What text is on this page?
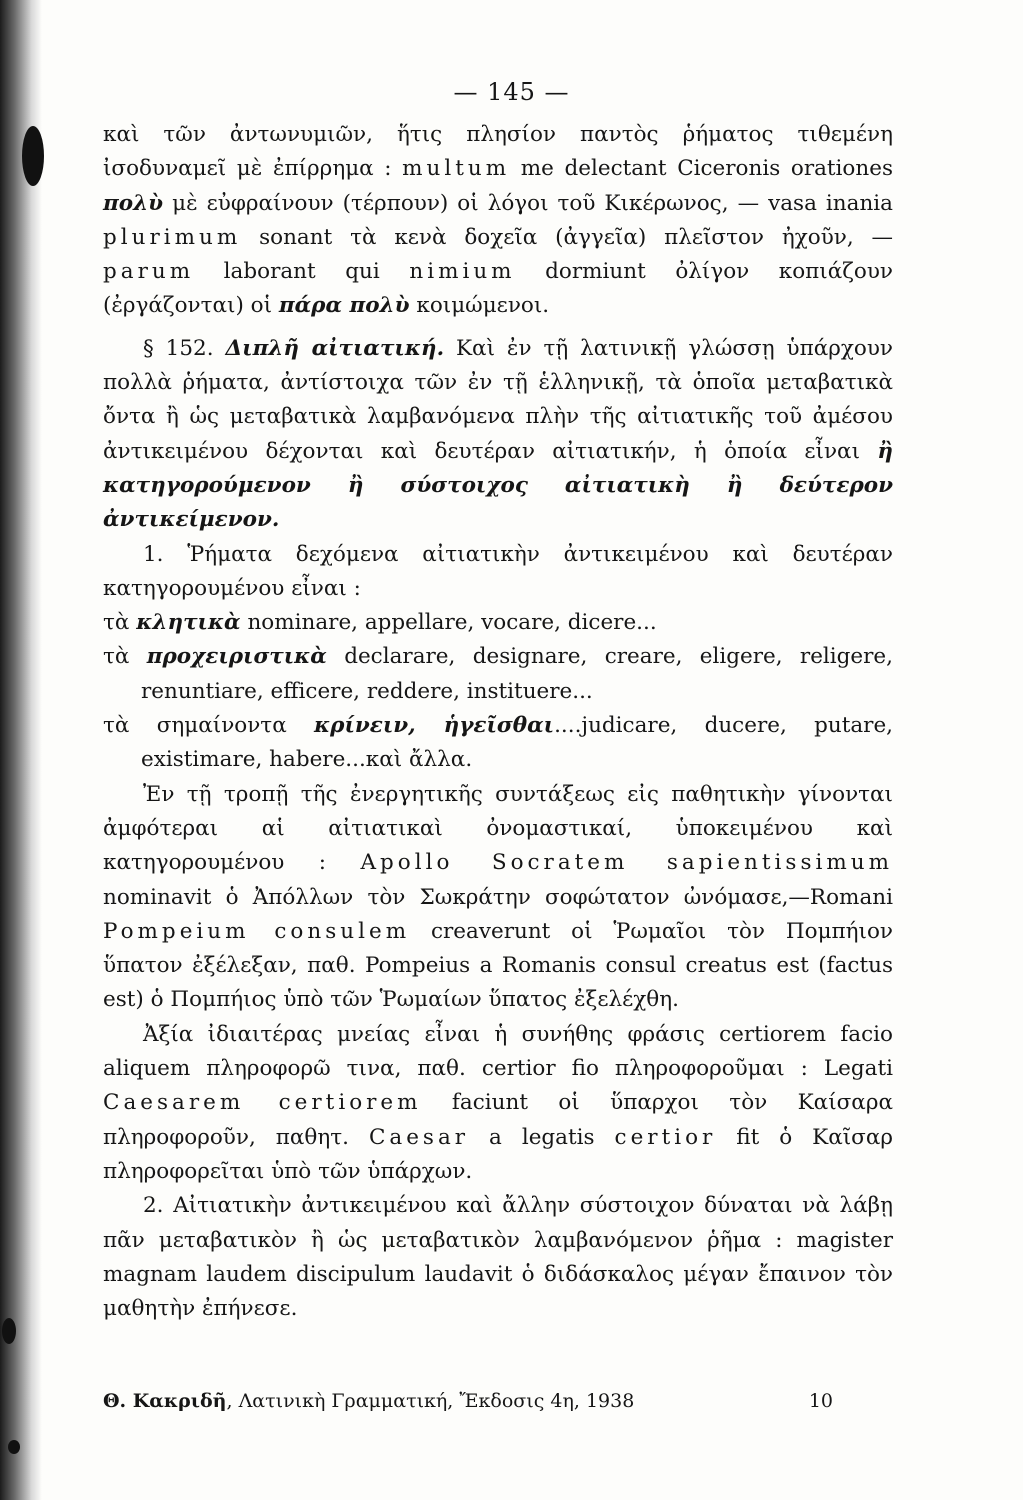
— 145 —

καὶ τῶν ἀντωνυμιῶν, ἥτις πλησίον παντὸς ῥήματος τιθεμένη ἰσοδυναμεῖ μὲ ἐπίρρημα : multum me delectant Ciceronis orationes πολὺ μὲ εὐφραίνουν (τέρπουν) οἱ λόγοι τοῦ Κικέρωνος, — vasa inania plurimum sonant τὰ κενὰ δοχεῖα (ἀγγεῖα) πλεῖστον ἠχοῦν, — parum laborant qui nimium dormiunt ὀλίγον κοπιάζουν (ἐργάζονται) οἱ πάρα πολὺ κοιμώμενοι.

§ 152. Διπλῆ αἰτιατική. Καὶ ἐν τῇ λατινικῇ γλώσσῃ ὑπάρχουν πολλὰ ῥήματα, ἀντίστοιχα τῶν ἐν τῇ ἑλληνικῇ, τὰ ὁποῖα μεταβατικὰ ὄντα ἢ ὡς μεταβατικὰ λαμβανόμενα πλὴν τῆς αἰτιατικῆς τοῦ ἀμέσου ἀντικειμένου δέχονται καὶ δευτέραν αἰτιατικήν, ἡ ὁποία εἶναι ἢ κατηγορούμενον ἢ σύστοιχος αἰτιατικὴ ἢ δεύτερον ἀντικείμενον.

1. Ῥήματα δεχόμενα αἰτιατικὴν ἀντικειμένου καὶ δευτέραν κατηγορουμένου εἶναι :

τὰ κλητικὰ nominare, appellare, vocare, dicere...

τὰ προχειριστικὰ declarare, designare, creare, eligere, religere, renuntiare, efficere, reddere, instituere...

τὰ σημαίνοντα κρίνειν, ἡγεῖσθαι....judicare, ducere, putare, existimare, habere...καὶ ἄλλα.

Ἐν τῇ τροπῇ τῆς ἐνεργητικῆς συντάξεως εἰς παθητικὴν γίνονται ἀμφότεραι αἱ αἰτιατικαὶ ὀνομαστικαί, ὑποκειμένου καὶ κατηγορουμένου : Apollo Socratem sapientissimum nominavit ὁ Ἀπόλλων τὸν Σωκράτην σοφώτατον ὠνόμασε,—Romani Pompeium consulem creaverunt οἱ Ῥωμαῖοι τὸν Πομπήιον ὕπατον ἐξέλεξαν, παθ. Pompeius a Romanis consul creatus est (factus est) ὁ Πομπήιος ὑπὸ τῶν Ῥωμαίων ὕπατος ἐξελέχθη.

Ἀξία ἰδιαιτέρας μνείας εἶναι ἡ συνήθης φράσις certiorem facio aliquem πληροφορῶ τινα, παθ. certior fio πληροφοροῦμαι : Legati Caesarem certiorem faciunt οἱ ὕπαρχοι τὸν Καίσαρα πληροφοροῦν, παθητ. Caesar a legatis certior fit ὁ Καῖσαρ πληροφορεῖται ὑπὸ τῶν ὑπάρχων.

2. Αἰτιατικὴν ἀντικειμένου καὶ ἄλλην σύστοιχον δύναται νὰ λάβῃ πᾶν μεταβατικὸν ἢ ὡς μεταβατικὸν λαμβανόμενον ῥῆμα : magister magnam laudem discipulum laudavit ὁ διδάσκαλος μέγαν ἔπαινον τὸν μαθητὴν ἐπήνεσε.

Θ. Κακριδῆ, Λατινικὴ Γραμματική, Ἔκδοσις 4η, 1938	10
